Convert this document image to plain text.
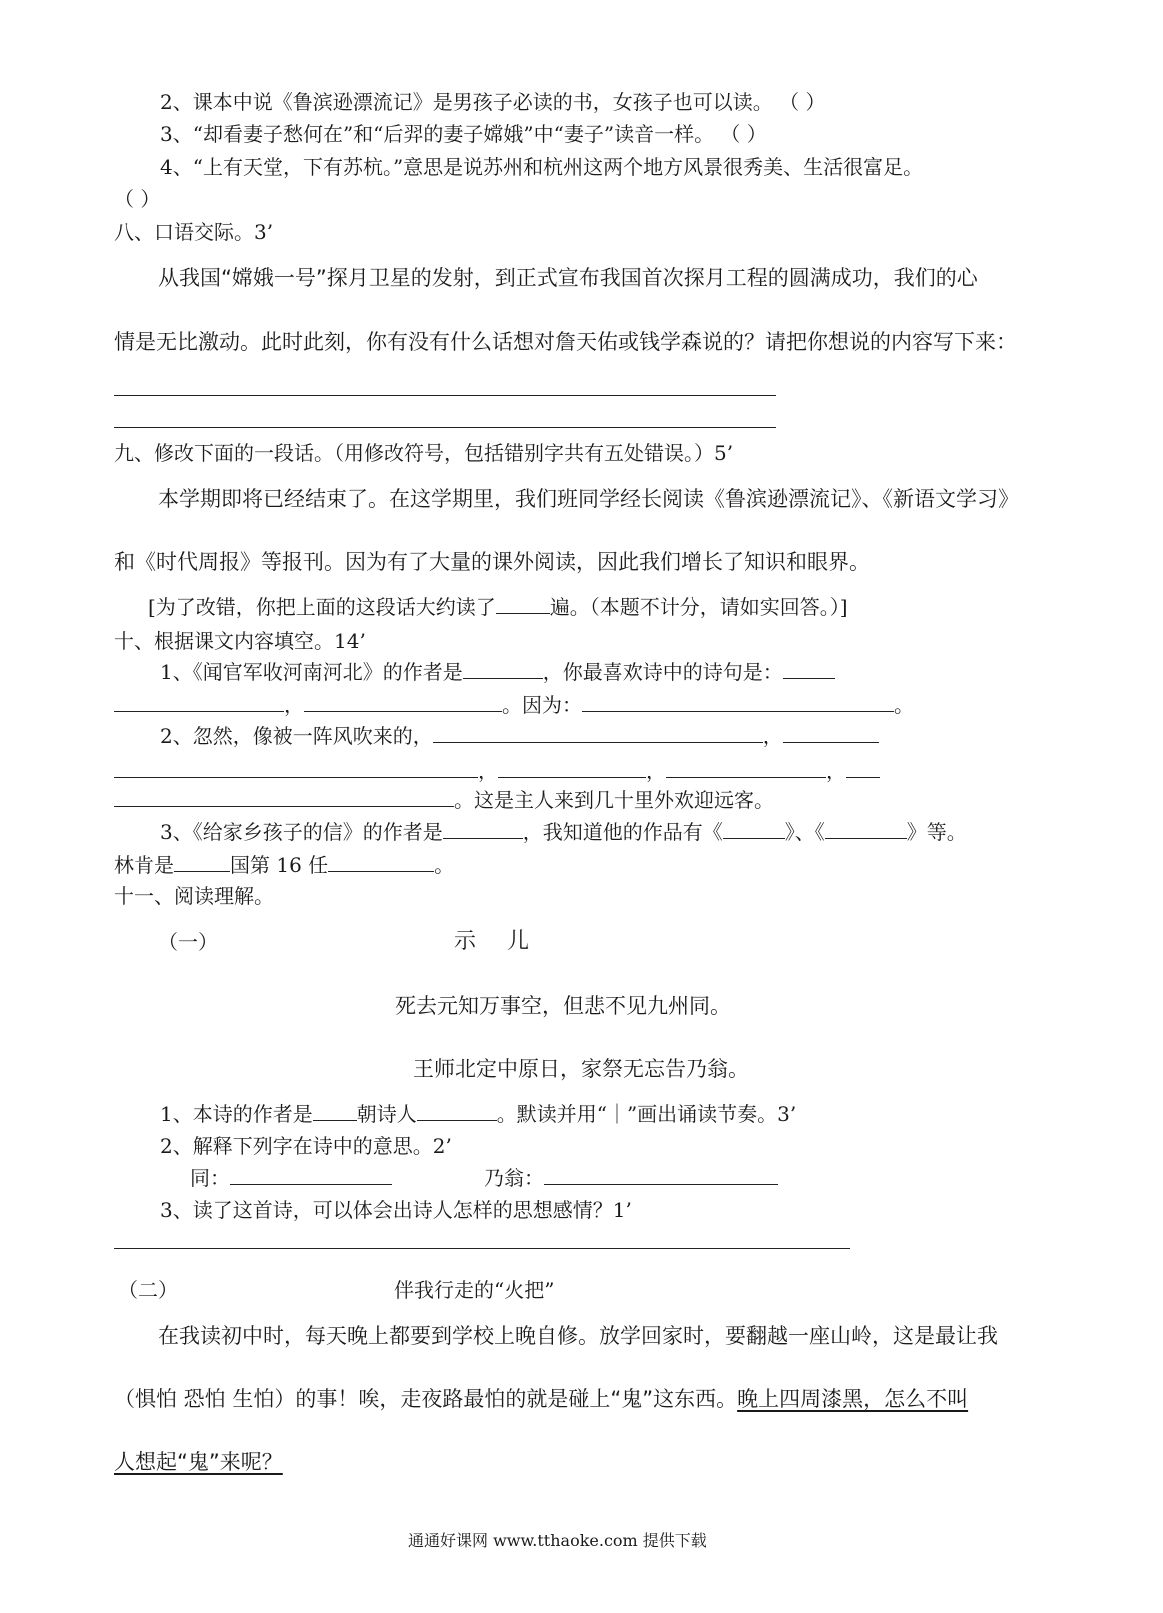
2、课本中说《鲁滨逊漂流记》是男孩子必读的书，女孩子也可以读。 （ ）
3、“却看妻子愁何在”和“后羿的妻子嫦娥”中“妻子”读音一样。 （ ）
4、“上有天堂，下有苏杭。”意思是说苏州和杭州这两个地方风景很秀美、生活很富足。
（ ）
八、口语交际。3’
从我国“嫦娥一号”探月卫星的发射，到正式宣布我国首次探月工程的圆满成功，我们的心
情是无比激动。此时此刻，你有没有什么话想对詹天佑或钱学森说的？请把你想说的内容写下来：
九、修改下面的一段话。（用修改符号，包括错别字共有五处错误。）5’
本学期即将已经结束了。在这学期里，我们班同学经长阅读《鲁滨逊漂流记》、《新语文学习》
和《时代周报》等报刊。因为有了大量的课外阅读，因此我们增长了知识和眼界。
[为了改错，你把上面的这段话大约读了	遍。（本题不计分，请如实回答。）]
十、根据课文内容填空。14’
1、《闻官军收河南河北》的作者是	，你最喜欢诗中的诗句是：
，	。因为：	。
2、忽然，像被一阵风吹来的，	，
，	，	，
。这是主人来到几十里外欢迎远客。
3、《给家乡孩子的信》的作者是	，我知道他的作品有《	》、《	》等。
林肯是	国第 16 任	。
十一、阅读理解。
（一）	示 儿
死去元知万事空，但悲不见九州同。
王师北定中原日，家祭无忘告乃翁。
1、本诗的作者是 朝诗人	。默读并用“｜”画出诵读节奏。3’
2、解释下列字在诗中的意思。2’
同：	乃翁：
3、读了这首诗，可以体会出诗人怎样的思想感情？1’
（二）	伴我行走的“火把”
在我读初中时，每天晚上都要到学校上晚自修。放学回家时，要翻越一座山岭，这是最让我
（惧怕 恐怕 生怕）的事！唉，走夜路最怕的就是碰上“鬼”这东西。晚上四周漆黑，怎么不叫
人想起“鬼”来呢？
通通好课网 www.tthaoke.com 提供下载
